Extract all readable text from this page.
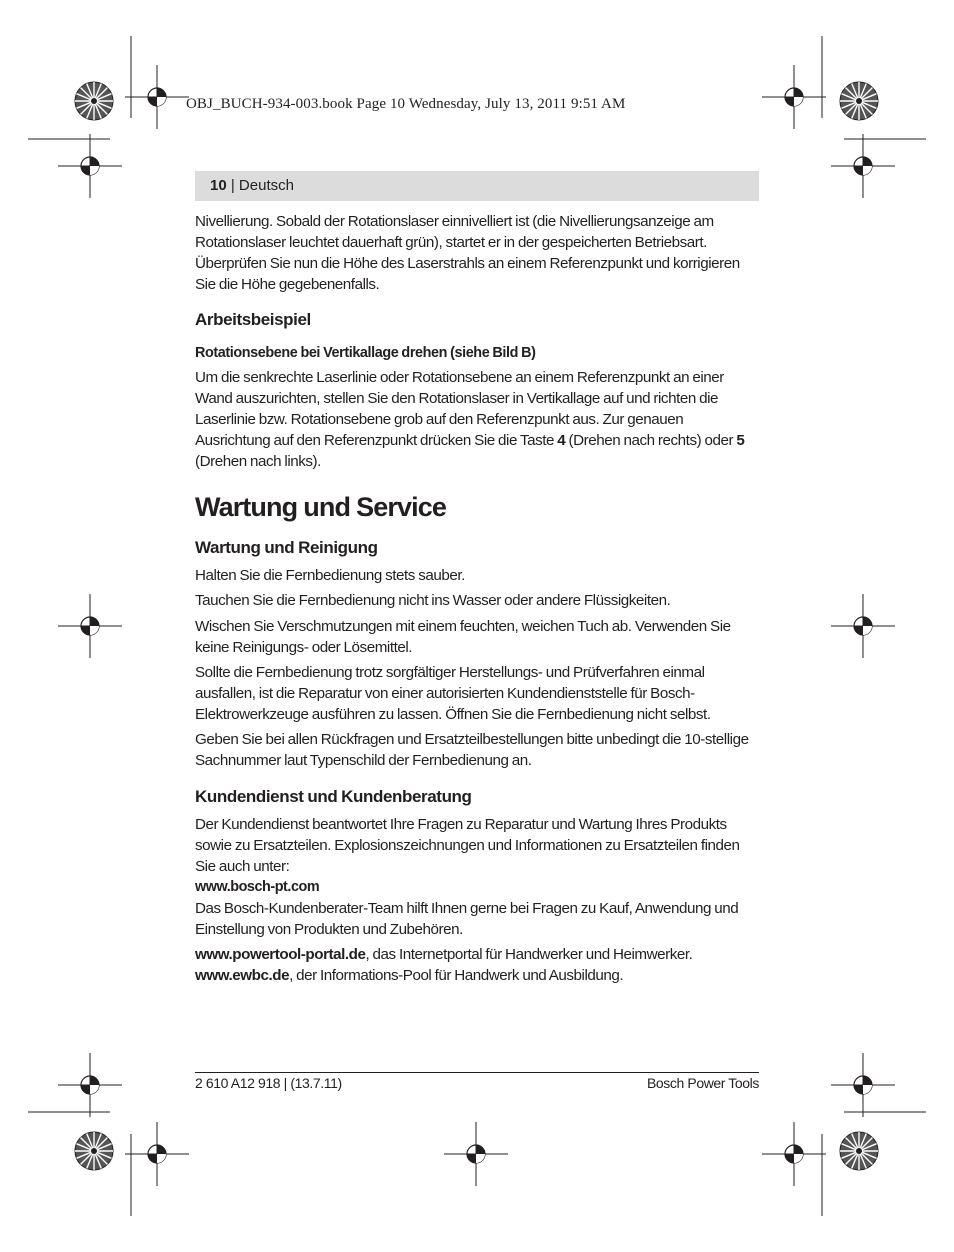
OBJ_BUCH-934-003.book Page 10 Wednesday, July 13, 2011 9:51 AM
10 | Deutsch

Nivellierung. Sobald der Rotationslaser einnivelliert ist (die Nivellierungsanzeige am Rotationslaser leuchtet dauerhaft grün), startet er in der gespeicherten Betriebsart. Überprüfen Sie nun die Höhe des Laserstrahls an einem Referenzpunkt und korrigieren Sie die Höhe gegebenenfalls.

Arbeitsbeispiel
Rotationsebene bei Vertikallage drehen (siehe Bild B)

Um die senkrechte Laserlinie oder Rotationsebene an einem Referenzpunkt an einer Wand auszurichten, stellen Sie den Rotationslaser in Vertikallage auf und richten die Laserlinie bzw. Rotationsebene grob auf den Referenzpunkt aus. Zur genauen Ausrichtung auf den Referenzpunkt drücken Sie die Taste 4 (Drehen nach rechts) oder 5 (Drehen nach links).

Wartung und Service
Wartung und Reinigung

Halten Sie die Fernbedienung stets sauber.

Tauchen Sie die Fernbedienung nicht ins Wasser oder andere Flüssigkeiten.

Wischen Sie Verschmutzungen mit einem feuchten, weichen Tuch ab. Verwenden Sie keine Reinigungs- oder Lösemittel.

Sollte die Fernbedienung trotz sorgfältiger Herstellungs- und Prüfverfahren einmal ausfallen, ist die Reparatur von einer autorisierten Kundendienststelle für Bosch-Elektrowerkzeuge ausführen zu lassen. Öffnen Sie die Fernbedienung nicht selbst.

Geben Sie bei allen Rückfragen und Ersatzteilbestellungen bitte unbedingt die 10-stellige Sachnummer laut Typenschild der Fernbedienung an.

Kundendienst und Kundenberatung

Der Kundendienst beantwortet Ihre Fragen zu Reparatur und Wartung Ihres Produkts sowie zu Ersatzteilen. Explosionszeichnungen und Informationen zu Ersatzteilen finden Sie auch unter:

www.bosch-pt.com

Das Bosch-Kundenberater-Team hilft Ihnen gerne bei Fragen zu Kauf, Anwendung und Einstellung von Produkten und Zubehören.

www.powertool-portal.de, das Internetportal für Handwerker und Heimwerker.

www.ewbc.de, der Informations-Pool für Handwerk und Ausbildung.

2 610 A12 918 | (13.7.11)	Bosch Power Tools
